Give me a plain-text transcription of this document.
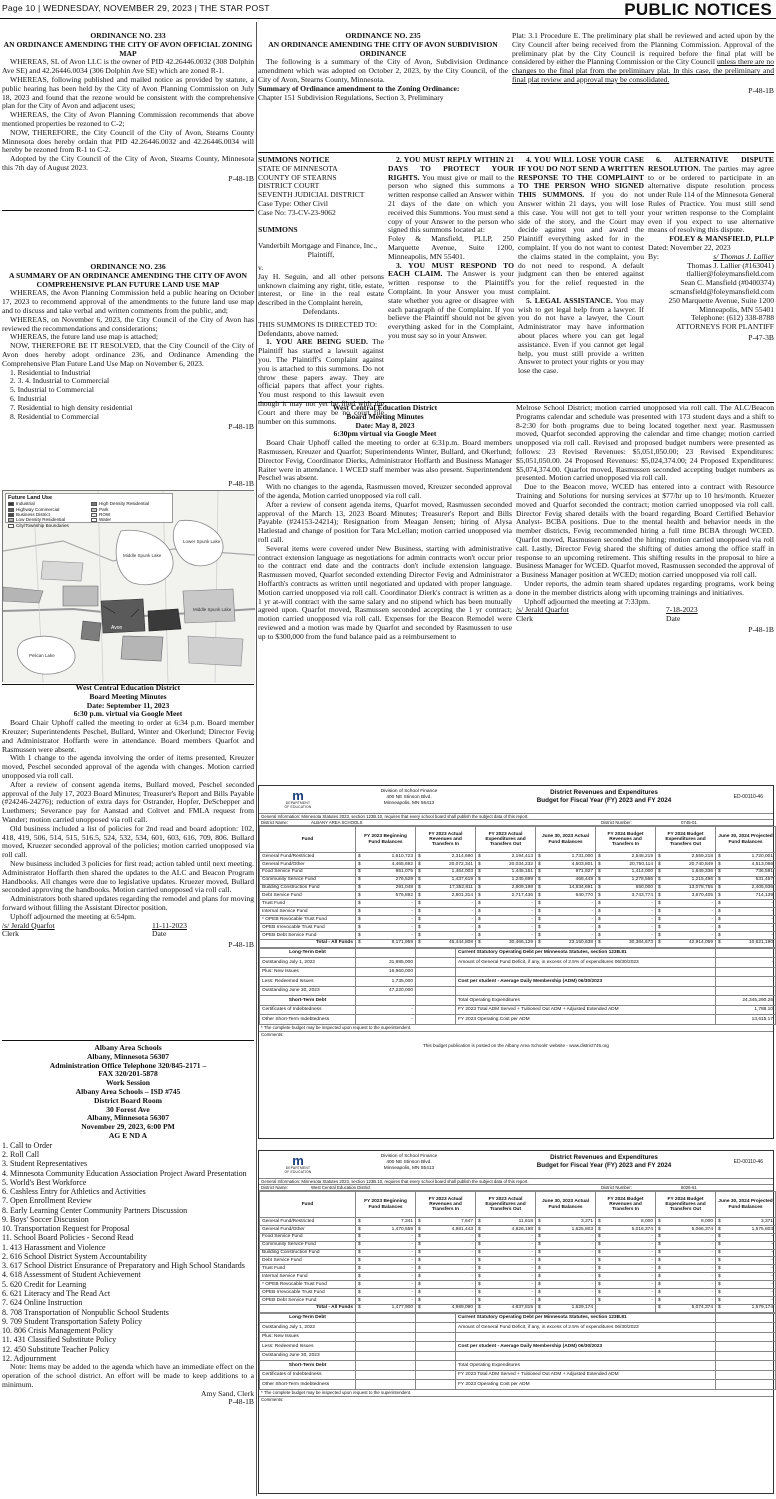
Page 10 | WEDNESDAY, NOVEMBER 29, 2023 | THE STAR POST	PUBLIC NOTICES
ORDINANCE NO. 233
AN ORDINANCE AMENDING THE CITY OF AVON OFFICIAL ZONING MAP
WHEREAS, SL of Avon LLC is the owner of PID 42.26446.0032 (308 Dolphin Ave SE) and 42.26446.0034 (306 Dolphin Ave SE) which are zoned R-1.
WHEREAS, following published and mailed notice as provided by statute, a public hearing has been held by the City of Avon Planning Commission on July 18, 2023 and found that the rezone would be consistent with the comprehensive plan for the City of Avon and adjacent uses;
WHEREAS, the City of Avon Planning Commission recommends that above mentioned properties be rezoned to C-2;
NOW, THEREFORE, the City Council of the City of Avon, Stearns County Minnesota does hereby ordain that PID 42.26446.0032 and 42.26446.0034 will hereby be rezoned from R-1 to C-2.
Adopted by the City Council of the City of Avon, Stearns County, Minnesota this 7th day of August 2023.
P-48-1B
ORDINANCE NO. 235
AN ORDINANCE AMENDING THE CITY OF AVON SUBDIVISION ORDINANCE
The following is a summary of the City of Avon, Subdivision Ordinance amendment which was adopted on October 2, 2023, by the City Council, of the City of Avon, Stearns County, Minnesota.
Summary of Ordinance amendment to the Zoning Ordinance:
Chapter 151 Subdivision Regulations, Section 3, Preliminary
Plat: 3.1 Procedure E. The preliminary plat shall be reviewed and acted upon by the City Council after being received from the Planning Commission. Approval of the preliminary plat by the City Council is required before the final plat will be considered by either the Planning Commission or the City Council unless there are no changes to the final plat from the preliminary plat. In this case, the preliminary and final plat review and approval may be consolidated.
P-48-1B
SUMMONS NOTICE
STATE OF MINNESOTA
COUNTY OF STEARNS
DISTRICT COURT
SEVENTH JUDICIAL DISTRICT
Case Type: Other Civil
Case No: 73-CV-23-9062
SUMMONS
Vanderbilt Mortgage and Finance, Inc.,
Plaintiff,
v.
Jay H. Seguin, and all other persons unknown claiming any right, title, estate, interest, or line in the real estate described in the Complaint herein,
Defendants.
THIS SUMMONS IS DIRECTED TO:
Defendants, above named.
1. YOU ARE BEING SUED. The Plaintiff has started a lawsuit against you. The Plaintiff's Complaint against you is attached to this summons. Do not throw these papers away. They are official papers that affect your rights. You must respond to this lawsuit even though it may not yet be filed with the Court and there may be no court file number on this summons.
2. YOU MUST REPLY WITHIN 21 DAYS TO PROTECT YOUR RIGHTS. You must give or mail to the person who signed this summons a written response called an Answer within 21 days of the date on which you received this Summons. You must send a copy of your Answer to the person who signed this summons located at:
Foley & Mansfield, PLLP, 250 Marquette Avenue, Suite 1200, Minneapolis, MN 55401.
3. YOU MUST RESPOND TO EACH CLAIM. The Answer is your written response to the Plaintiff's Complaint. In your Answer you must state whether you agree or disagree with each paragraph of the Complaint. If you believe the Plaintiff should not be given everything asked for in the Complaint, you must say so in your Answer.
4. YOU WILL LOSE YOUR CASE IF YOU DO NOT SEND A WRITTEN RESPONSE TO THE COMPLAINT TO THE PERSON WHO SIGNED THIS SUMMONS. If you do not Answer within 21 days, you will lose this case. You will not get to tell your side of the story, and the Court may decide against you and award the Plaintiff everything asked for in the complaint. If you do not want to contest the claims stated in the complaint, you do not need to respond. A default judgment can then be entered against you for the relief requested in the complaint.
5. LEGAL ASSISTANCE. You may wish to get legal help from a lawyer. If you do not have a lawyer, the Court Administrator may have information about places where you can get legal assistance. Even if you cannot get legal help, you must still provide a written Answer to protect your rights or you may lose the case.
6. ALTERNATIVE DISPUTE RESOLUTION. The parties may agree to or be ordered to participate in an alternative dispute resolution process under Rule 114 of the Minnesota General Rules of Practice. You must still send your written response to the Complaint even if you expect to use alternative means of resolving this dispute.
FOLEY & MANSFIELD, PLLP
Dated: November 22, 2023
By:	s/ Thomas J. Lallier
Thomas J. Lallier (#163041)
tlallier@foleymansfield.com
Sean C. Mansfield (#0400374)
scmansfield@foleymansfield.com
250 Marquette Avenue, Suite 1200
Minneapolis, MN 55401
Telephone: (612) 338-8788
ATTORNEYS FOR PLANTIFF
P-47-3B
ORDINANCE NO. 236
A SUMMARY OF AN ORDINANCE AMENDING THE CITY OF AVON COMPREHENSIVE PLAN FUTURE LAND USE MAP
WHEREAS, the Avon Planning Commission held a public hearing on October 17, 2023 to recommend approval of the amendments to the future land use map and to discuss and take verbal and written comments from the public, and;
WHEREAS, on November 6, 2023, the City Council of the City of Avon has reviewed the recommendations and considerations;
WHEREAS, the future land use map is attached;
NOW, THEREFORE BE IT RESOLVED, that the City Council of the City of Avon does hereby adopt ordinance 236, and Ordinance Amending the Comprehensive Plan Future Land Use Map on November 6, 2023.
1. Residential to Industrial
2. 3. 4. Industrial to Commercial
5. Industrial to Commercial
6. Industrial
7. Residential to high density residential
8. Residential to Commercial
P-48-1B
Middle Spunk Lake
Lower Spunk Lake
Pelican Lake
Avon
Middle Spunk Lake
Future Land Use
Industrial	High Density Residential
Highway Commercial	Park
Business District	ROW
Low Density Residential	Water
City/Township Boundaries
P-48-1B
West Central Education District
Board Meeting Minutes
Date: September 11, 2023
6:30 p.m. virtual via Google Meet
Board Chair Uphoff called the meeting to order at 6:34 p.m. Board member Kreuzer; Superintendents Peschel, Bullard, Winter and Okerlund; Director Fevig and Administrator Hoffarth were in attendance. Board members Quarfot and Rasmussen were absent.
With 1 change to the agenda involving the order of items presented, Kreuzer moved, Peschel seconded approval of the agenda with changes. Motion carried unopposed via roll call.
After a review of consent agenda items, Bullard moved, Peschel seconded approval of the July 17, 2023 Board Minutes; Treasurer's Report and Bills Payable (#24246-24276); reduction of extra days for Ostrander, Hopfer, DeSchepper and Luethmers; Severance pay for Aanstad and Coltvet and FMLA request from Wander; motion carried unopposed via roll call.
Old business included a list of policies for 2nd read and board adoption: 102, 418, 419, 506, 514, 515, 516.5, 524, 532, 534, 601, 603, 616, 709, 806. Bullard moved, Kruezer seconded approval of the policies; motion carried unopposed via roll call.
New business included 3 policies for first read; action tabled until next meeting. Administrator Hoffarth then shared the updates to the ALC and Beacon Program Handbooks. All changes were due to legislative updates. Kruezer moved, Bullard seconded approving the handbooks. Motion carried unopposed via roll call.
Administrators both shared updates regarding the remodel and plans for moving forward without filling the Assistant Director position.
Uphoff adjourned the meeting at 6:54pm.
/s/ Jerald Quarfot	11-11-2023
Clerk	Date
P-48-1B
Albany Area Schools
Albany, Minnesota 56307
Administration Office Telephone 320/845-2171 –
FAX 320/201-5878
Work Session
Albany Area Schools – ISD #745
District Board Room
30 Forest Ave
Albany, Minnesota 56307
November 29, 2023, 6:00 PM
AG E ND A
1. Call to Order
2. Roll Call
3. Student Representatives
4. Minnesota Community Education Association Project Award Presentation
5. World's Best Workforce
6. Cashless Entry for Athletics and Activities
7. Open Enrollment Review
8. Early Learning Center Community Partners Discussion
9. Boys' Soccer Discussion
10. Transportation Request for Proposal
11. School Board Policies - Second Read
1. 413 Harassment and Violence
2. 616 School District System Accountability
3. 617 School District Ensurance of Preparatory and High School Standards
4. 618 Assessment of Student Achievement
5. 620 Credit for Learning
6. 621 Literacy and The Read Act
7. 624 Online Instruction
8. 708 Transportation of Nonpublic School Students
9. 709 Student Transportation Safety Policy
10. 806 Crisis Management Policy
11. 431 Classified Substitute Policy
12. 450 Substitute Teacher Policy
12. Adjournment
Note: Items may be added to the agenda which have an immediate effect on the operation of the school district. An effort will be made to keep additions to a minimum.
Amy Sand, Clerk
P-48-1B
West Central Education District
Board Meeting Minutes
Date: May 8, 2023
6:30pm virtual via Google Meet
Board Chair Uphoff called the meeting to order at 6:31p.m. Board members Rasmussen, Kreuzer and Quarfot; Superintendents Winter, Bullard, and Okerlund; Director Fevig, Coordinator Dierks, Administrator Hoffarth and Business Manager Raiter were in attendance. 1 WCED staff member was also present. Superintendent Peschel was absent.
With no changes to the agenda, Rasmussen moved, Kreuzer seconded approval of the agenda, Motion carried unopposed via roll call.
After a review of consent agenda items, Quarfot moved, Rasmussen seconded approval of the March 13, 2023 Board Minutes; Treasurer's Report and Bills Payable (#24153-24214); Resignation from Meagan Jensen; hiring of Alysa Hatlestad and change of position for Tara McLellan; motion carried unopposed via roll call.
Several items were covered under New Business, starting with administrative contract extension language as negotiations for admin contracts won't occur prior to the contract end date and the contracts don't include extension language. Rasmussen moved, Quarfot seconded extending Director Fevig and Administrator Hoffarth's contracts as written until negotiated and updated with proper language. Motion carried unopposed via roll call. Coordinator Dierk's contract is written as a 1 yr at-will contract with the same salary and no stipend which has been mutually agreed upon. Quarfot moved, Rasmussen seconded accepting the 1 yr contract; motion carried unopposed via roll call. Expenses for the Beacon Remodel were reviewed and a motion was made by Quarfot and seconded by Rasmussen to use up to $300,000 from the fund balance paid as a reimbursement to
Melrose School District; motion carried unopposed via roll call. The ALC/Beacon Programs calendar and schedule was presented with 173 student days and a shift to 8-2:30 for both programs due to being located together next year. Rasmussen moved, Quarfot seconded approving the calendar and time change; motion carried unopposed via roll call. Revised and proposed budget numbers were presented as follows: 23 Revised Revenues: $5,051,050.00; 23 Revised Expenditures: $5,051,050.00. 24 Proposed Revenues: $5,024,374.00; 24 Proposed Expenditures: $5,074,374.00. Quarfot moved, Rasmussen seconded accepting budget numbers as presented. Motion carried unopposed via roll call.
Due to the Beacon move, WCED has entered into a contract with Resource Training and Solutions for nursing services at $77/hr up to 10 hrs/month. Kruezer moved and Quarfot seconded the contract; motion carried unopposed via roll call. Director Fevig shared details with the board regarding Board Certified Behavior Analyst- BCBA positions. Due to the mental health and behavior needs in the member districts, Fevig recommended hiring a full time BCBA through WCED. Quarfot moved, Rasmussen seconded the hiring; motion carried unopposed via roll call. Lastly, Director Fevig shared the shifting of duties among the office staff in response to an upcoming retirement. This shifting results in the proposal to hire a Business Manager for WCED. Quarfot moved, Rasmussen seconded the approval of a Business Manager position at WCED; motion carried unopposed via roll call.
Under reports, the admin team shared updates regarding programs, work being done in the member districts along with upcoming trainings and initiatives.
Uphoff adjourned the meeting at 7:33pm.
/s/ Jerald Quarfot	7-18-2023
Clerk	Date
P-48-1B
m
DEPARTMENT OF EDUCATION
Division of School Finance
400 NE Stinson Blvd.
Minneapolis, MN 55413
District Revenues and Expenditures
Budget for Fiscal Year (FY) 2023 and FY 2024
ED-00110-46
General Information: Minnesota Statutes 2023, section 123B.10, requires that every school board shall publish the subject data of this report.
District Name:	ALBANY AREA SCHOOLS	District Number:	0745-01
Fund	FY 2023 Beginning Fund Balances	FY 2023 Actual Revenues and Transfers In	FY 2023 Actual Expenditures and Transfers Out	June 30, 2023 Actual Fund Balances	FY 2024 Budget Revenues and Transfers In	FY 2024 Budget Expenditures and Transfers Out	June 30, 2024 Projected Fund Balances
General Fund/Restricted	$ 1,610,723	$ 2,314,690	$ 2,194,413	$ 1,731,000	$ 2,548,219	$ 2,559,218	$ 1,720,001
General Fund/Other	$ 4,465,692	$ 20,072,341	$ 20,034,232	$ 4,503,801	$ 20,750,114	$ 20,740,849	$ 4,513,066
Food Service Fund	$ 951,075	$ 1,464,003	$ 1,445,151	$ 971,927	$ 1,414,000	$ 1,649,336	$ 736,591
Community Service Fund	$ 276,529	$ 1,437,619	$ 1,245,699	$ 468,449	$ 1,278,566	$ 1,215,496	$ 531,457
Building Construction Fund	$ 291,048	$ 17,352,811	$ 2,809,198	$ 14,834,691	$ 650,000	$ 13,078,755	$ 2,405,936
Debt Service Fund	$ 576,892	$ 2,801,314	$ 2,717,436	$ 640,770	$ 3,743,774	$ 3,670,405	$ 714,139
Trust Fund	$ -	$ -	$ -	$ -	$ -	$ -	$ -
Internal Service Fund	$ -	$ -	$ -	$ -	$ -	$ -	$ -
* OPEB Revocable Trust Fund	$ -	$ -	$ -	$ -	$ -	$ -	$ -
OPEB Irrevocable Trust Fund	$ -	$ -	$ -	$ -	$ -	$ -	$ -
OPEB Debt Service Fund	$ -	$ -	$ -	$ -	$ -	$ -	$ -
Total - All Funds	$ 8,171,959	$ 45,444,808	$ 30,466,129	$ 23,150,638	$ 30,384,673	$ 42,914,059	$ 10,621,190
Long-Term Debt			Current Statutory Operating Debt per Minnesota Statutes, section 123B.81	
Outstanding July 1, 2022	31,985,000		Amount of General Fund Deficit, if any, in excess of 2.5% of expenditures 06/30/2023	-
Plus: New Issues	16,960,000			
Less: Redeemed Issues	1,735,000		Cost per student - Average Daily Membership (ADM) 06/30/2023	
Outstanding June 30, 2023	47,220,000			
Short-Term Debt			Total Operating Expenditures	24,345,290.25
Certificates of Indebtedness	-		FY 2023 Total ADM Served + Tuitioned Out ADM + Adjusted Extended ADM	1,788.10
Other Short-Term Indebtedness	-		FY 2023 Operating Cost per ADM	13,615.17
* The complete budget may be inspected upon request to the superintendent.
Comments:
This budget publication is posted on the Albany Area Schools' website - www.district745.org
m
DEPARTMENT OF EDUCATION
Division of School Finance
400 NE Stinson Blvd.
Minneapolis, MN 55413
District Revenues and Expenditures
Budget for Fiscal Year (FY) 2023 and FY 2024
ED-00110-46
General Information: Minnesota Statutes 2023, section 123B.10, requires that every school board shall publish the subject data of this report.
District Name:	West Central Education District	District Number:	6026-61
Fund	FY 2023 Beginning Fund Balances	FY 2023 Actual Revenues and Transfers In	FY 2023 Actual Expenditures and Transfers Out	June 30, 2023 Actual Fund Balances	FY 2024 Budget Revenues and Transfers In	FY 2024 Budget Expenditures and Transfers Out	June 30, 2024 Projected Fund Balances
General Fund/Restricted	$ 7,341	$ 7,647	$ 11,618	$ 3,371	$ 8,000	$ 8,000	$ 3,371
General Fund/Other	$ 1,470,559	$ 4,981,443	$ 4,826,198	$ 1,625,803	$ 5,016,374	$ 5,066,374	$ 1,575,803
Food Service Fund	$ -	$ -	$ -	$ -	$ -	$ -	$ -
Community Service Fund	$ -	$ -	$ -	$ -	$ -	$ -	$ -
Building Construction Fund	$ -	$ -	$ -	$ -	$ -	$ -	$ -
Debt Service Fund	$ -	$ -	$ -	$ -	$ -	$ -	$ -
Trust Fund	$ -	$ -	$ -	$ -	$ -	$ -	$ -
Internal Service Fund	$ -	$ -	$ -	$ -	$ -	$ -	$ -
* OPEB Revocable Trust Fund	$ -	$ -	$ -	$ -	$ -	$ -	$ -
OPEB Irrevocable Trust Fund	$ -	$ -	$ -	$ -	$ -	$ -	$ -
OPEB Debt Service Fund	$ -	$ -	$ -	$ -	$ -	$ -	$ -
Total - All Funds	$ 1,477,900	$ 4,989,090	$ 4,837,815	$ 1,629,174		$ 5,074,374	$ 1,579,174
Long-Term Debt			Current Statutory Operating Debt per Minnesota Statutes, section 123B.81	
Outstanding July 1, 2022			Amount of General Fund Deficit, if any, in excess of 2.5% of expenditures 06/30/2023	
Plus: New Issues				
Less: Redeemed Issues			Cost per student - Average Daily Membership (ADM) 06/30/2023	
Outstanding June 30, 2023				
Short-Term Debt			Total Operating Expenditures	
Certificates of Indebtedness			FY 2023 Total ADM Served + Tuitioned Out ADM + Adjusted Extended ADM	
Other Short-Term Indebtedness			FY 2023 Operating Cost per ADM	
* The complete budget may be inspected upon request to the superintendent.
Comments:
